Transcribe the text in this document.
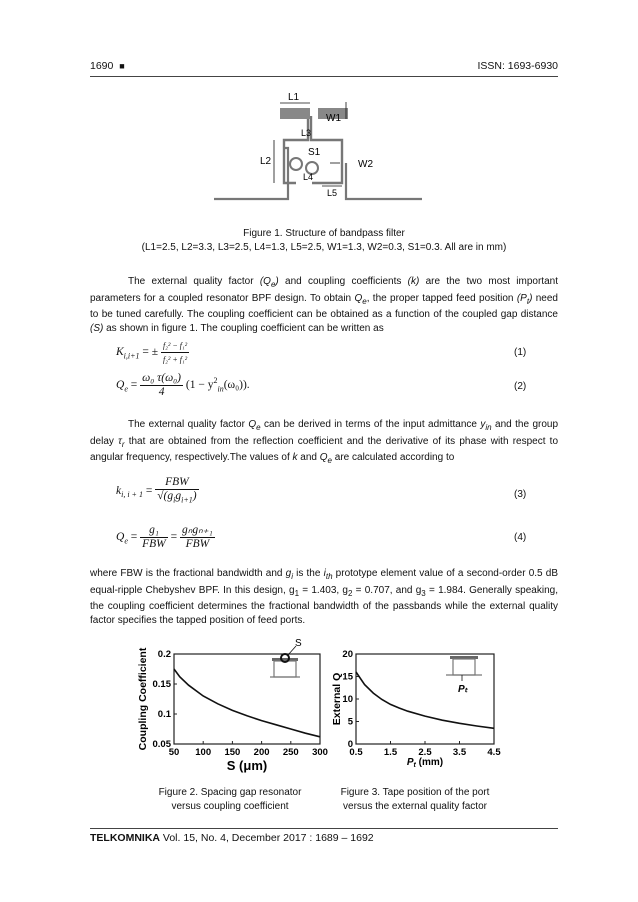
1690 ■	ISSN: 1693-6930
L1
L2
L3
L4
L5
W1
W2
S1
Figure 1. Structure of bandpass filter
(L1=2.5, L2=3.3, L3=2.5, L4=1.3, L5=2.5, W1=1.3, W2=0.3, S1=0.3. All are in mm)
The external quality factor $(Q_e)$ and coupling coefficients (k) are the two most important parameters for a coupled resonator BPF design. To obtain $Q_e$, the proper tapped feed position $(P_t)$ need to be tuned carefully. The coupling coefficient can be obtained as a function of the coupled gap distance (S) as shown in figure 1. The coupling coefficient can be written as
$K_{i,i+1}$ = ± $\frac{\text{f₂² − f₁²}}{\text{f₂² + f₁²}}$	(1)
$Q_e = \frac{\text{ω₀ τ(ω₀)}}{4} (1 - y^2_{in}(\omega_0))$.	(2)
The external quality factor $Q_e$ can be derived in terms of the input admittance $y_{in}$ and the group delay $\tau_r$ that are obtained from the reflection coefficient and the derivative of its phase with respect to angular frequency, respectively.The values of k and $Q_e$ are calculated according to
$k_{i, i + 1} = \frac{\text{FBW}}{√(g_ig_{i+1})}$	(3)
$Q_e = \frac{\text{g₁}}{\text{FBW}} = \frac{\text{gₙgₙ₊₁}}{\text{FBW}}$	(4)
where FBW is the fractional bandwidth and $g_i$ is the $i_{th}$ prototype element value of a second-order 0.5 dB equal-ripple Chebyshev BPF. In this design, $g_1 = 1.403$, $g_2 = 0.707$, and $g_3 = 1.984$. Generally speaking, the coupling coefficient determines the fractional bandwidth of the passbands while the external quality factor specifies the tapped position of feed ports.
S
50 100 150 200 250 300
0.05
0.1
0.15
0.2
Coupling Coefficient
S (μm)
Pₜ
0.5 1.5 2.5 3.5 4.5
0
5
10
15
20
External Q
$P_t$ (mm)
Figure 2. Spacing gap resonator
versus coupling coefficient
Figure 3. Tape position of the port
versus the external quality factor
TELKOMNIKA Vol. 15, No. 4, December 2017 : 1689 – 1692
